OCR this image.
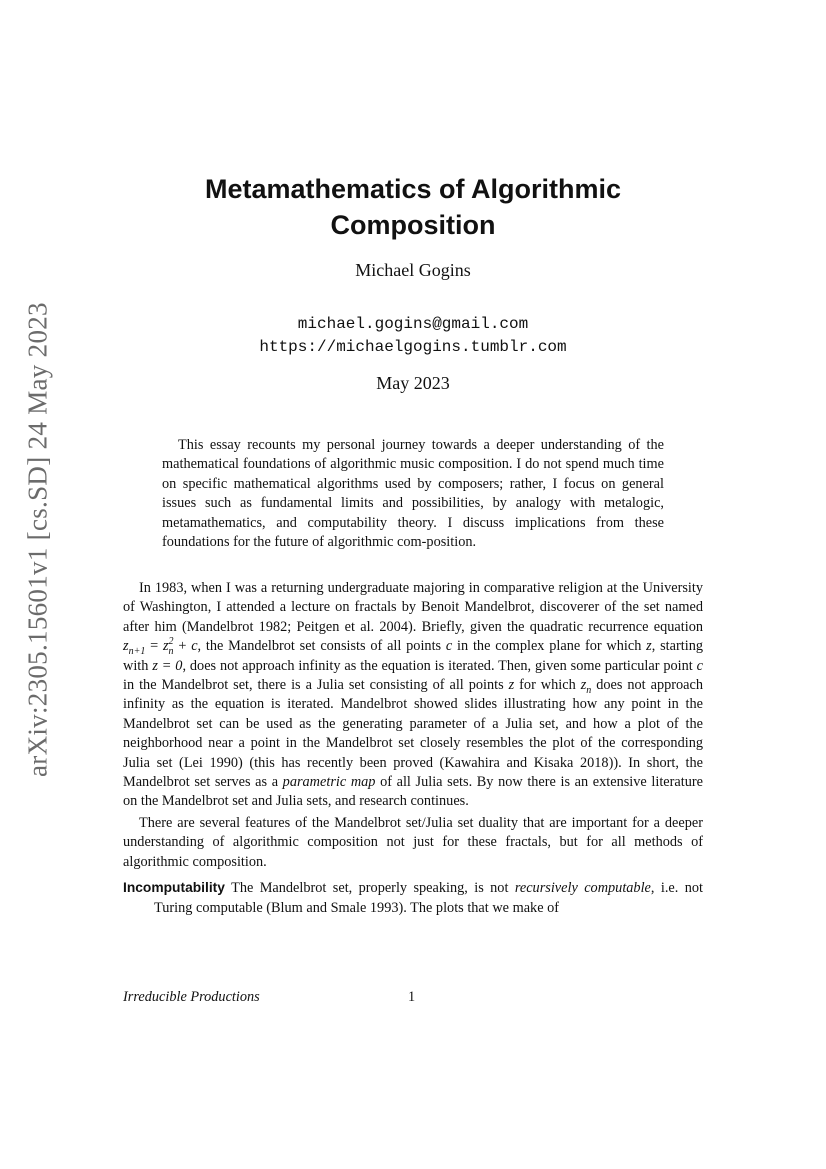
arXiv:2305.15601v1 [cs.SD] 24 May 2023
Metamathematics of Algorithmic
Composition
Michael Gogins
michael.gogins@gmail.com
https://michaelgogins.tumblr.com
May 2023

This essay recounts my personal journey towards a deeper understanding of the mathematical foundations of algorithmic music composition. I do not spend much time on specific mathematical algorithms used by composers; rather, I focus on general issues such as fundamental limits and possibilities, by analogy with metalogic, metamathematics, and computability theory. I discuss implications from these foundations for the future of algorithmic com-position.

In 1983, when I was a returning undergraduate majoring in comparative religion at the University of Washington, I attended a lecture on fractals by Benoit Mandelbrot, discoverer of the set named after him (Mandelbrot 1982; Peitgen et al. 2004). Briefly, given the quadratic recurrence equation $z_{n+1} = z^2_n + c$, the Mandelbrot set consists of all points c in the complex plane for which z, starting with z = 0, does not approach infinity as the equation is iterated. Then, given some particular point c in the Mandelbrot set, there is a Julia set consisting of all points z for which $z_n$ does not approach infinity as the equation is iterated. Mandelbrot showed slides illustrating how any point in the Mandelbrot set can be used as the generating parameter of a Julia set, and how a plot of the neighborhood near a point in the Mandelbrot set closely resembles the plot of the corresponding Julia set (Lei 1990) (this has recently been proved (Kawahira and Kisaka 2018)). In short, the Mandelbrot set serves as a parametric map of all Julia sets. By now there is an extensive literature on the Mandelbrot set and Julia sets, and research continues.

There are several features of the Mandelbrot set/Julia set duality that are important for a deeper understanding of algorithmic composition not just for these fractals, but for all methods of algorithmic composition.

Incomputability The Mandelbrot set, properly speaking, is not recursively computable, i.e. not Turing computable (Blum and Smale 1993). The plots that we make of
Irreducible Productions	1
